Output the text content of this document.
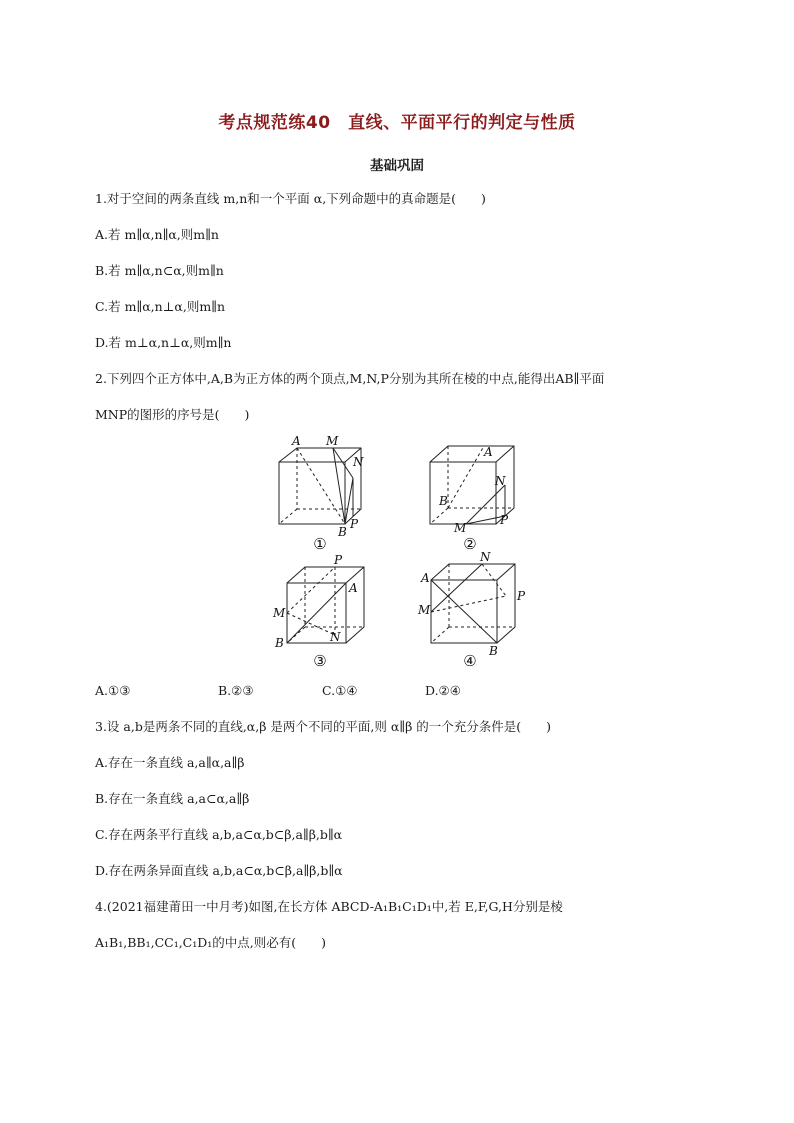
考点规范练40　直线、平面平行的判定与性质
基础巩固
1.对于空间的两条直线 m,n和一个平面 α,下列命题中的真命题是(　　)
A.若 m∥α,n∥α,则m∥n
B.若 m∥α,n⊂α,则m∥n
C.若 m∥α,n⊥α,则m∥n
D.若 m⊥α,n⊥α,则m∥n
2.下列四个正方体中,A,B为正方体的两个顶点,M,N,P分别为其所在棱的中点,能得出AB∥平面
MNP的图形的序号是(　　)
A M
N
B
P
A
N
B
M
P
P
A
M
B	N
N
A
M
P
B
①	②
③	④
A.①③	B.②③	C.①④	D.②④
3.设 a,b是两条不同的直线,α,β 是两个不同的平面,则 α∥β 的一个充分条件是(　　)
A.存在一条直线 a,a∥α,a∥β
B.存在一条直线 a,a⊂α,a∥β
C.存在两条平行直线 a,b,a⊂α,b⊂β,a∥β,b∥α
D.存在两条异面直线 a,b,a⊂α,b⊂β,a∥β,b∥α
4.(2021福建莆田一中月考)如图,在长方体 ABCD-A₁B₁C₁D₁中,若 E,F,G,H分别是棱
A₁B₁,BB₁,CC₁,C₁D₁的中点,则必有(　　)
